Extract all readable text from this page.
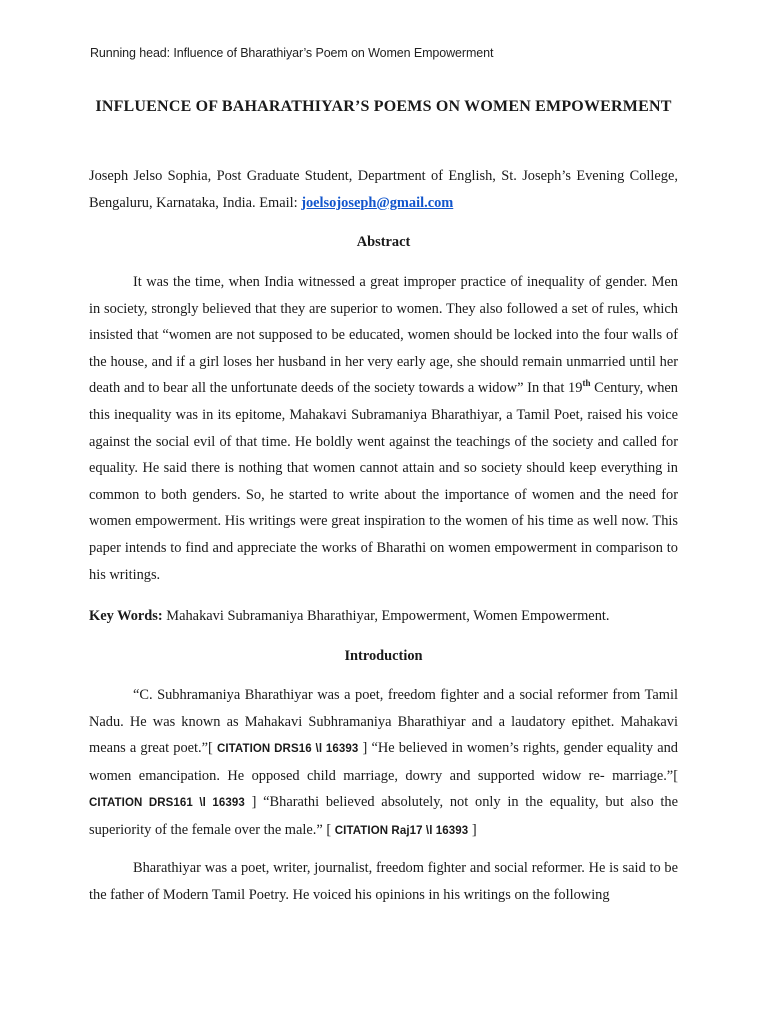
Running head: Influence of Bharathiyar’s Poem on Women Empowerment
INFLUENCE OF BAHARATHIYAR’S POEMS ON WOMEN EMPOWERMENT

Joseph Jelso Sophia, Post Graduate Student, Department of English, St. Joseph’s Evening College, Bengaluru, Karnataka, India. Email: joelsojoseph@gmail.com

Abstract

It was the time, when India witnessed a great improper practice of inequality of gender. Men in society, strongly believed that they are superior to women. They also followed a set of rules, which insisted that “women are not supposed to be educated, women should be locked into the four walls of the house, and if a girl loses her husband in her very early age, she should remain unmarried until her death and to bear all the unfortunate deeds of the society towards a widow” In that 19th Century, when this inequality was in its epitome, Mahakavi Subramaniya Bharathiyar, a Tamil Poet, raised his voice against the social evil of that time. He boldly went against the teachings of the society and called for equality. He said there is nothing that women cannot attain and so society should keep everything in common to both genders. So, he started to write about the importance of women and the need for women empowerment. His writings were great inspiration to the women of his time as well now. This paper intends to find and appreciate the works of Bharathi on women empowerment in comparison to his writings.

Key Words: Mahakavi Subramaniya Bharathiyar, Empowerment, Women Empowerment.

Introduction

“C. Subhramaniya Bharathiyar was a poet, freedom fighter and a social reformer from Tamil Nadu. He was known as Mahakavi Subhramaniya Bharathiyar and a laudatory epithet. Mahakavi means a great poet.”[ CITATION DRS16 \l 16393 ] “He believed in women’s rights, gender equality and women emancipation. He opposed child marriage, dowry and supported widow re- marriage.”[ CITATION DRS161 \l 16393 ] “Bharathi believed absolutely, not only in the equality, but also the superiority of the female over the male.” [ CITATION Raj17 \l 16393 ]

Bharathiyar was a poet, writer, journalist, freedom fighter and social reformer. He is said to be the father of Modern Tamil Poetry. He voiced his opinions in his writings on the following
